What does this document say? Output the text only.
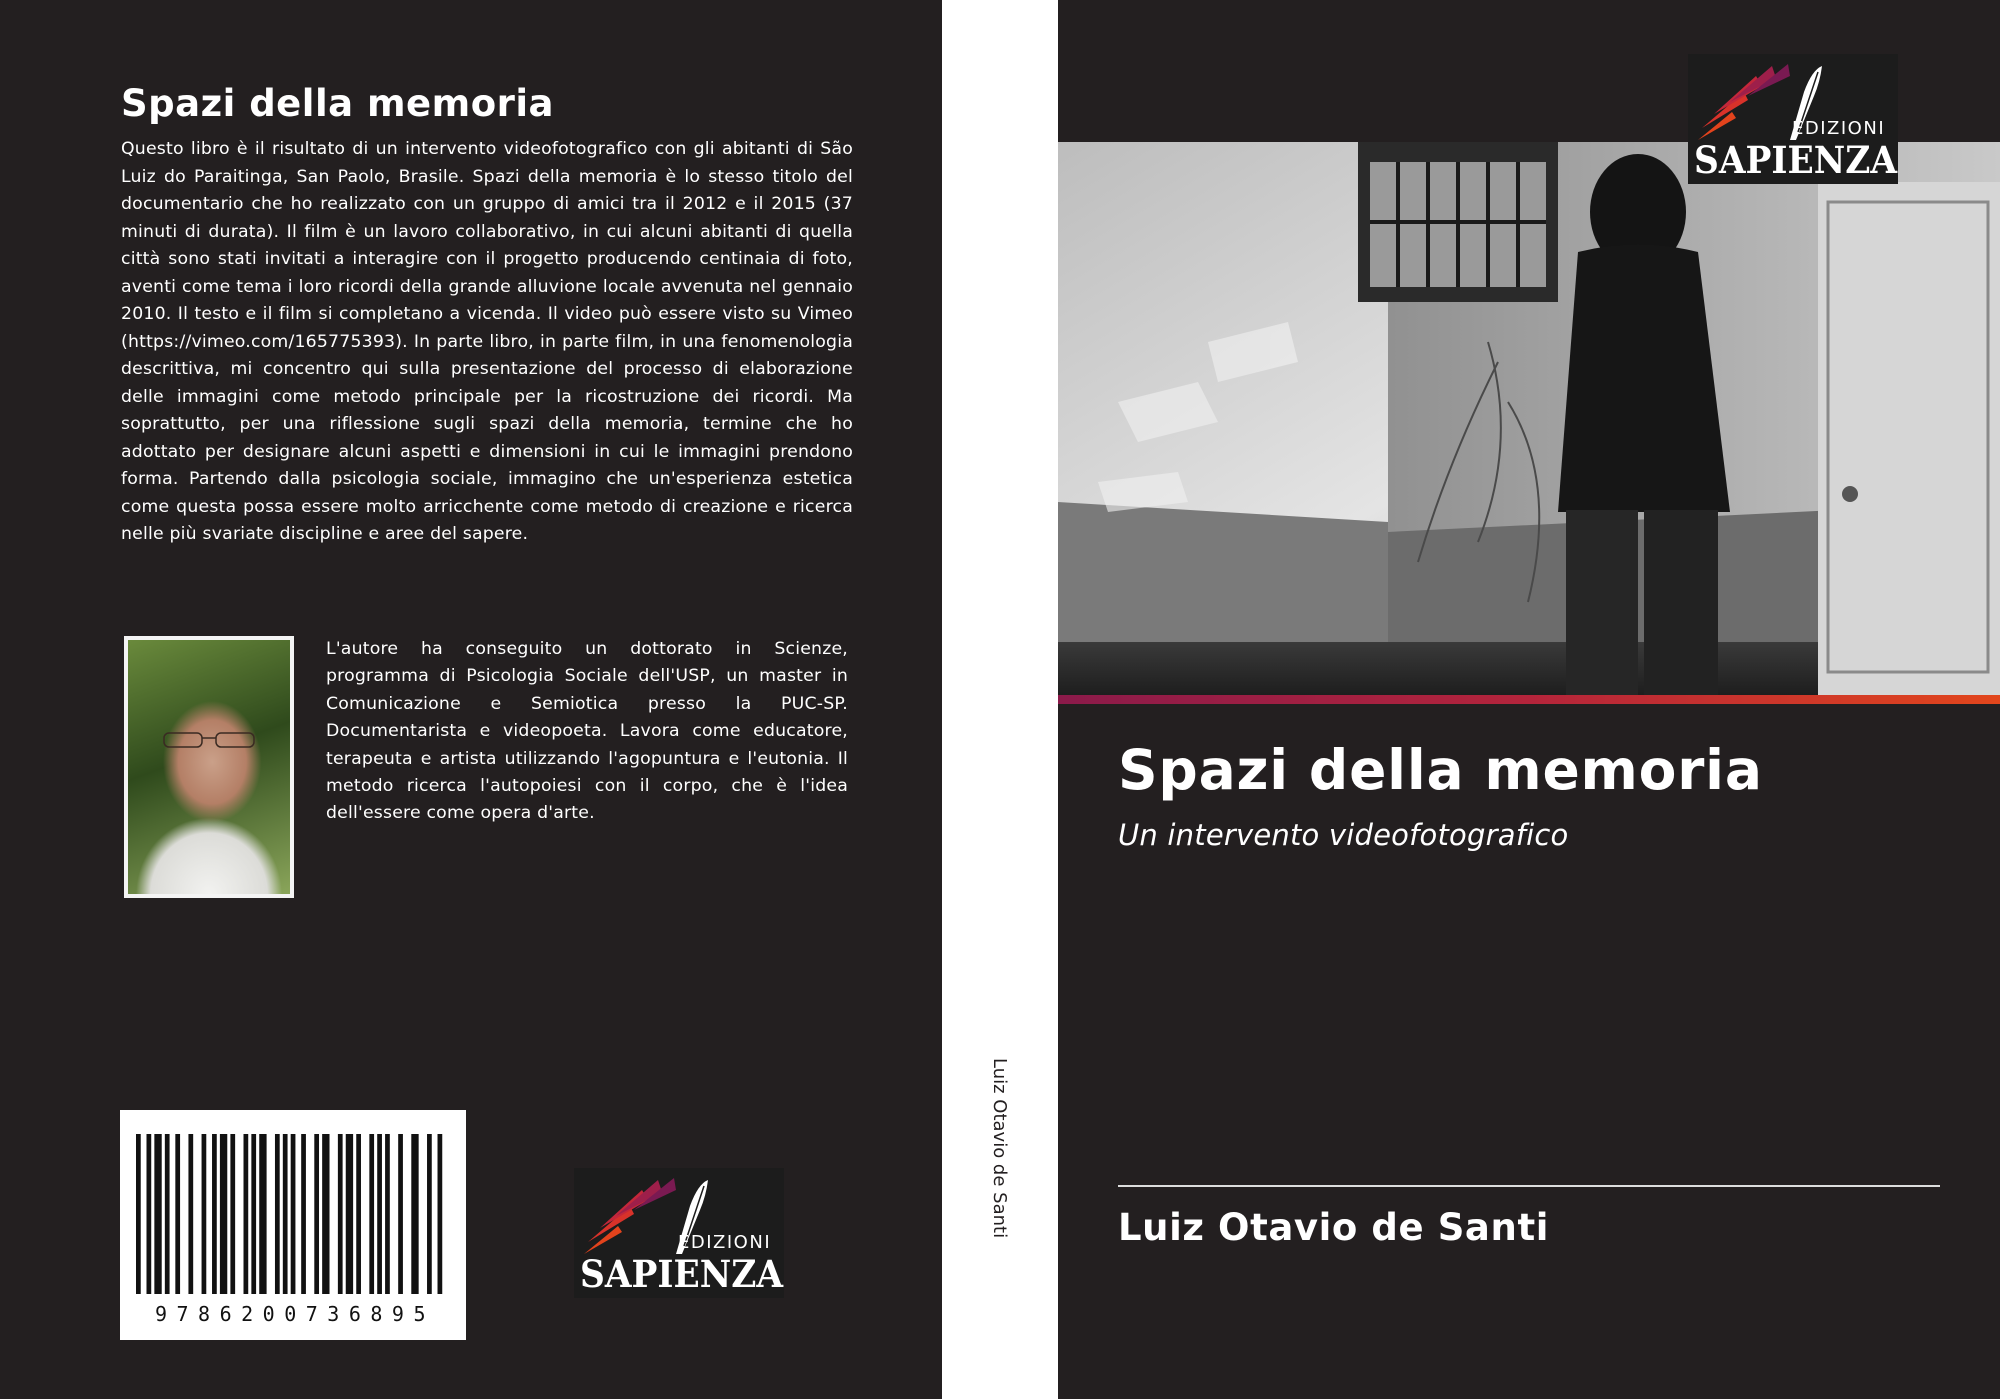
Spazi della memoria

Questo libro è il risultato di un intervento videofotografico con gli abitanti di São Luiz do Paraitinga, San Paolo, Brasile. Spazi della memoria è lo stesso titolo del documentario che ho realizzato con un gruppo di amici tra il 2012 e il 2015 (37 minuti di durata). Il film è un lavoro collaborativo, in cui alcuni abitanti di quella città sono stati invitati a interagire con il progetto producendo centinaia di foto, aventi come tema i loro ricordi della grande alluvione locale avvenuta nel gennaio 2010. Il testo e il film si completano a vicenda. Il video può essere visto su Vimeo (https://vimeo.com/165775393). In parte libro, in parte film, in una fenomenologia descrittiva, mi concentro qui sulla presentazione del processo di elaborazione delle immagini come metodo principale per la ricostruzione dei ricordi. Ma soprattutto, per una riflessione sugli spazi della memoria, termine che ho adottato per designare alcuni aspetti e dimensioni in cui le immagini prendono forma. Partendo dalla psicologia sociale, immagino che un'esperienza estetica come questa possa essere molto arricchente come metodo di creazione e ricerca nelle più svariate discipline e aree del sapere.

L'autore ha conseguito un dottorato in Scienze, programma di Psicologia Sociale dell'USP, un master in Comunicazione e Semiotica presso la PUC-SP. Documentarista e videopoeta. Lavora come educatore, terapeuta e artista utilizzando l'agopuntura e l'eutonia. Il metodo ricerca l'autopoiesi con il corpo, che è l'idea dell'essere come opera d'arte.

9786200736895
EDIZIONI
SAPIENZA
Luiz Otavio de Santi
EDIZIONI
SAPIENZA
Spazi della memoria

Un intervento videofotografico

Luiz Otavio de Santi
